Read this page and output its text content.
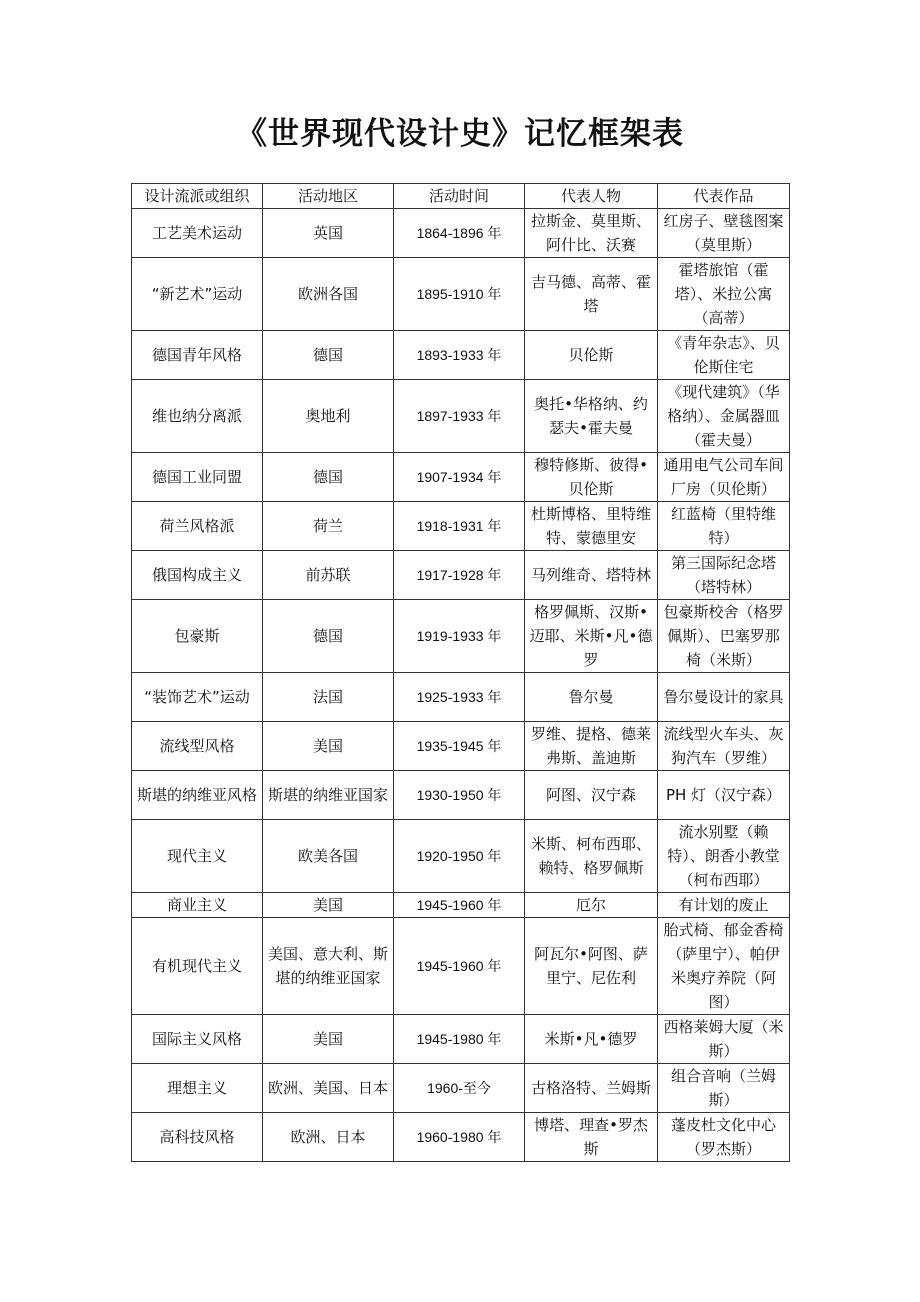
《世界现代设计史》记忆框架表
设计流派或组织	活动地区	活动时间	代表人物	代表作品
工艺美术运动	英国	1864-1896 年	拉斯金、莫里斯、阿什比、沃赛	红房子、壁毯图案（莫里斯）
“新艺术”运动	欧洲各国	1895-1910 年	吉马德、高蒂、霍塔	霍塔旅馆（霍塔）、米拉公寓（高蒂）
德国青年风格	德国	1893-1933 年	贝伦斯	《青年杂志》、贝伦斯住宅
维也纳分离派	奥地利	1897-1933 年	奥托•华格纳、约瑟夫•霍夫曼	《现代建筑》（华格纳）、金属器皿（霍夫曼）
德国工业同盟	德国	1907-1934 年	穆特修斯、彼得•贝伦斯	通用电气公司车间厂房（贝伦斯）
荷兰风格派	荷兰	1918-1931 年	杜斯博格、里特维特、蒙德里安	红蓝椅（里特维特）
俄国构成主义	前苏联	1917-1928 年	马列维奇、塔特林	第三国际纪念塔（塔特林）
包豪斯	德国	1919-1933 年	格罗佩斯、汉斯•迈耶、米斯•凡•德罗	包豪斯校舍（格罗佩斯）、巴塞罗那椅（米斯）
“装饰艺术”运动	法国	1925-1933 年	鲁尔曼	鲁尔曼设计的家具
流线型风格	美国	1935-1945 年	罗维、提格、德莱弗斯、盖迪斯	流线型火车头、灰狗汽车（罗维）
斯堪的纳维亚风格	斯堪的纳维亚国家	1930-1950 年	阿图、汉宁森	PH 灯（汉宁森）
现代主义	欧美各国	1920-1950 年	米斯、柯布西耶、赖特、格罗佩斯	流水别墅（赖特）、朗香小教堂（柯布西耶）
商业主义	美国	1945-1960 年	厄尔	有计划的废止
有机现代主义	美国、意大利、斯堪的纳维亚国家	1945-1960 年	阿瓦尔•阿图、萨里宁、尼佐利	胎式椅、郁金香椅（萨里宁）、帕伊米奥疗养院（阿图）
国际主义风格	美国	1945-1980 年	米斯•凡•德罗	西格莱姆大厦（米斯）
理想主义	欧洲、美国、日本	1960-至今	古格洛特、兰姆斯	组合音响（兰姆斯）
高科技风格	欧洲、日本	1960-1980 年	博塔、理查•罗杰斯	蓬皮杜文化中心（罗杰斯）
